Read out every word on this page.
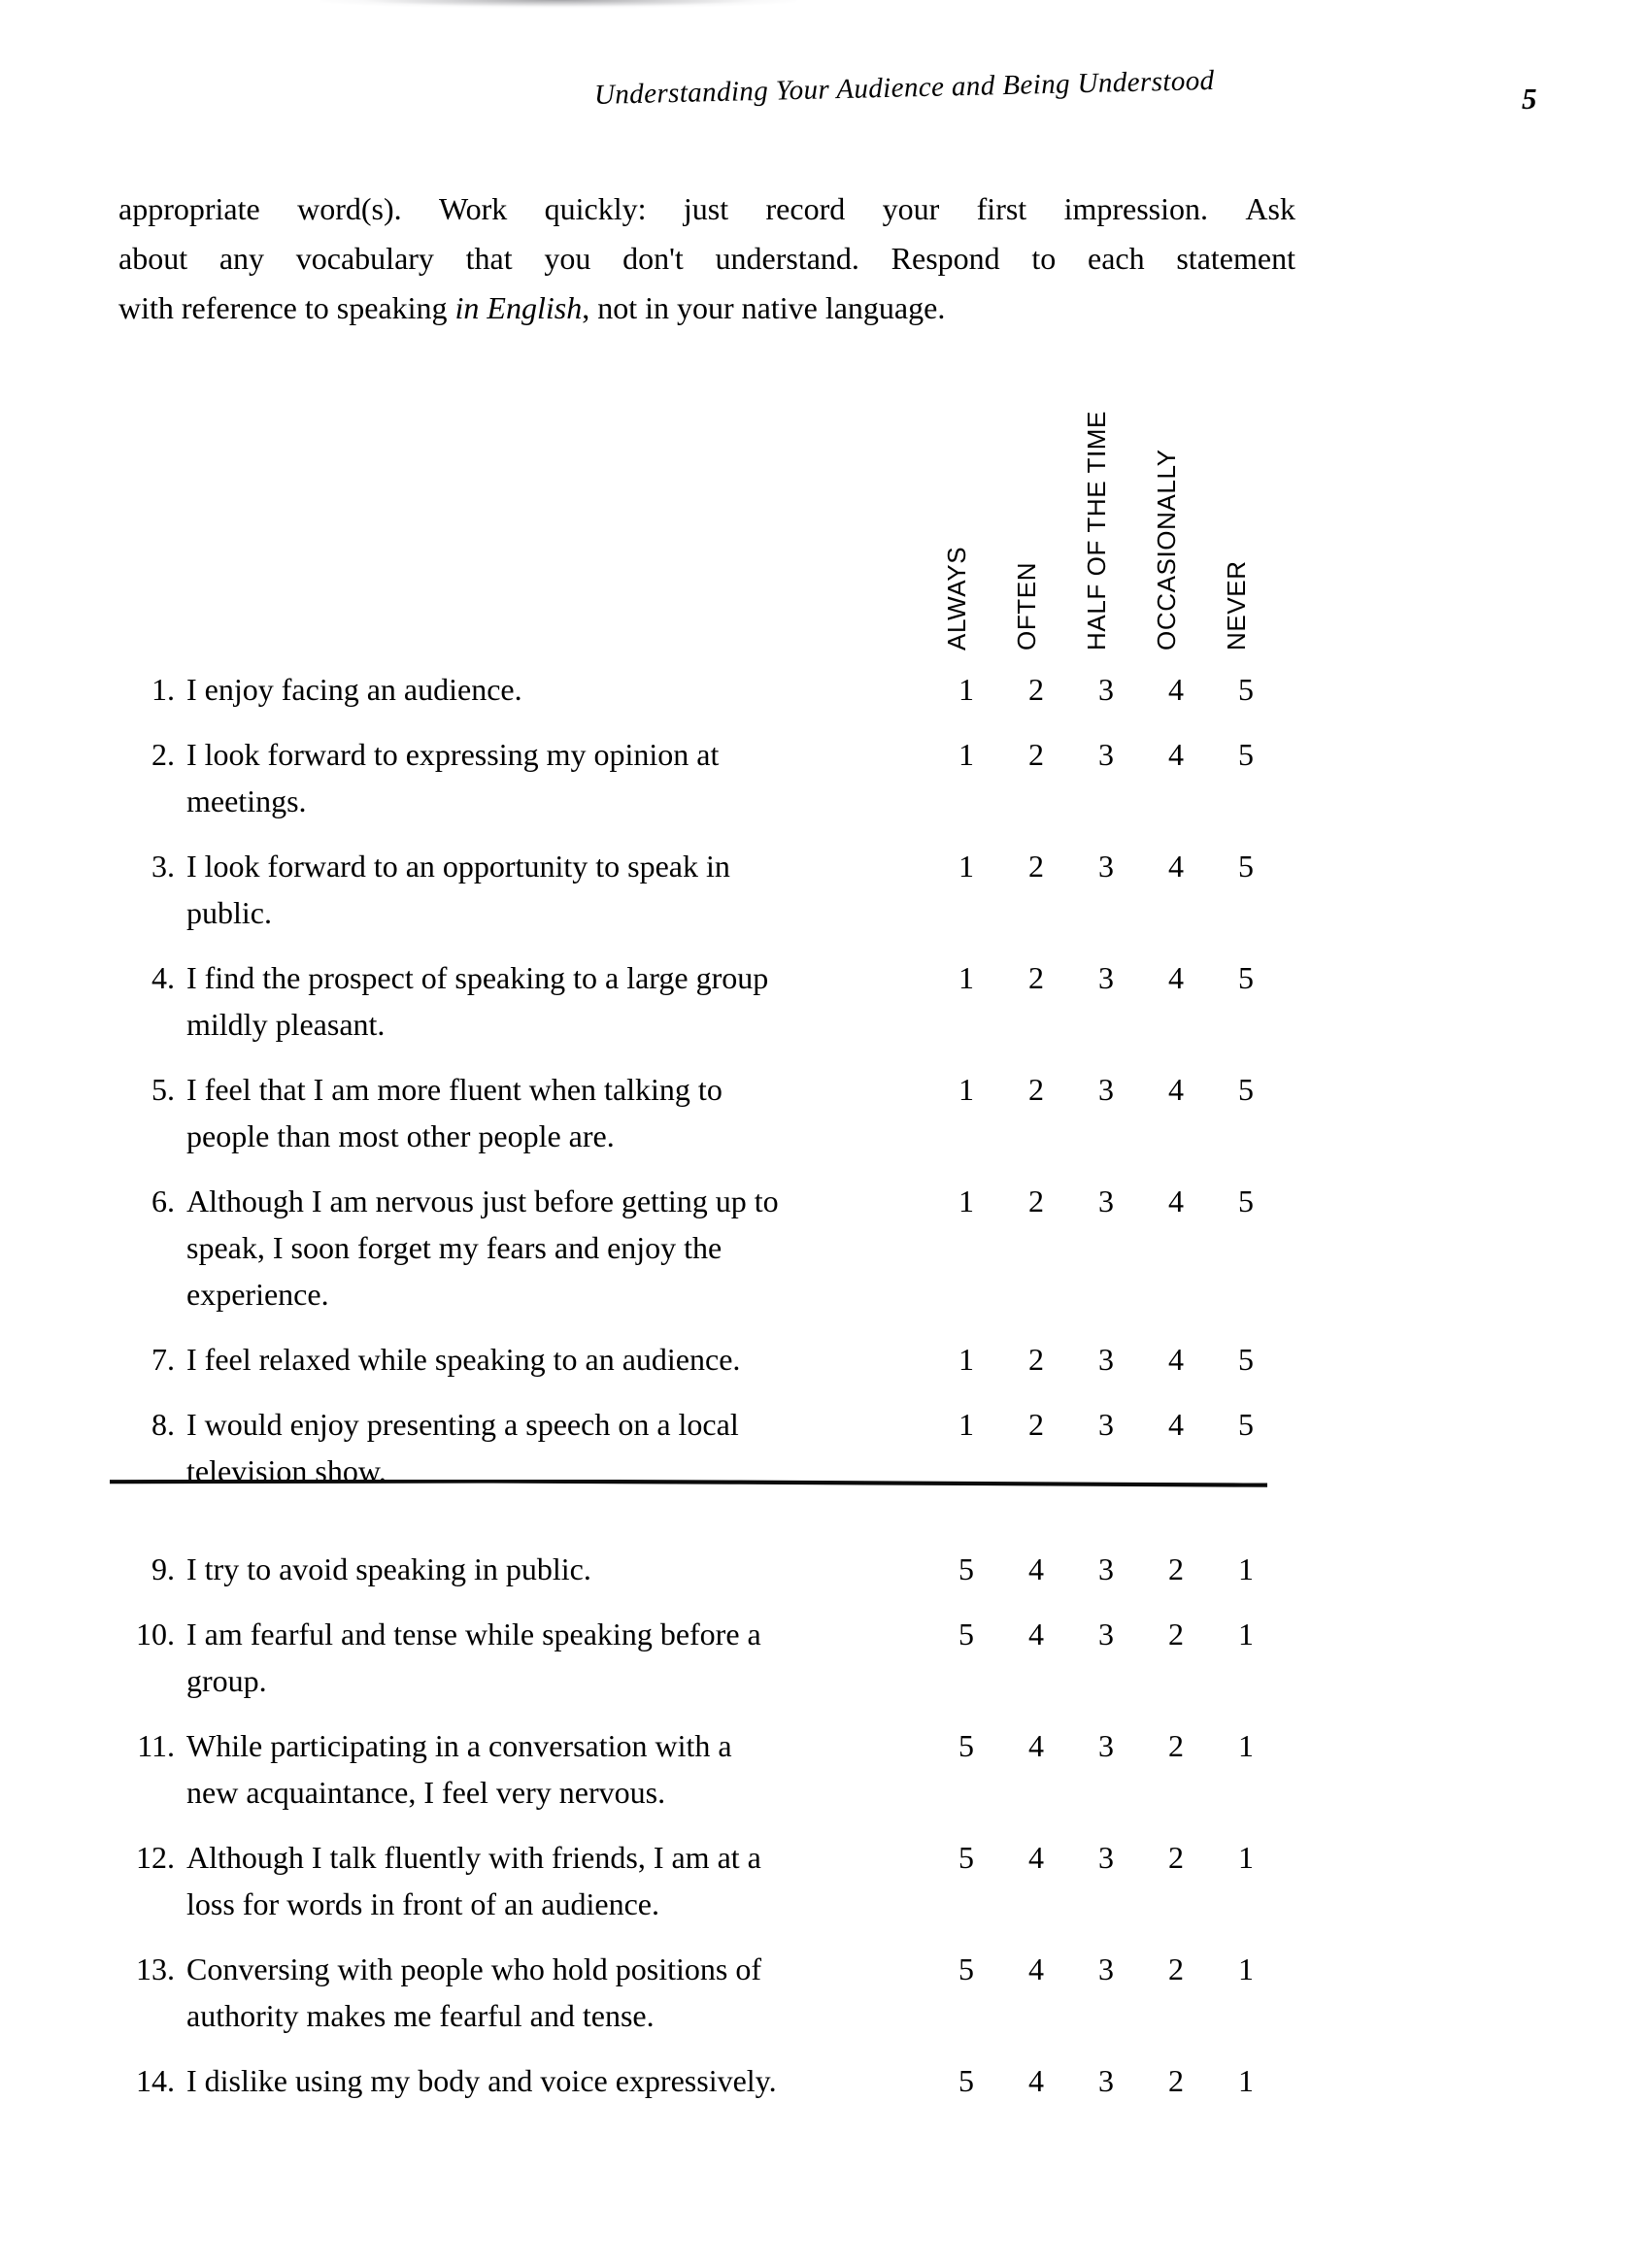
Understanding Your Audience and Being Understood	5
appropriate word(s). Work quickly: just record your first impression. Ask
about any vocabulary that you don't understand. Respond to each statement
with reference to speaking in English, not in your native language.
ALWAYS OFTEN HALF OF THE TIME OCCASIONALLY NEVER
1. I enjoy facing an audience.	1 2 3 4 5
2. I look forward to expressing my opinion at
meetings.
1 2 3 4 5
3. I look forward to an opportunity to speak in
public.
1 2 3 4 5
4. I find the prospect of speaking to a large group
mildly pleasant.
1 2 3 4 5
5. I feel that I am more fluent when talking to
people than most other people are.
1 2 3 4 5
6. Although I am nervous just before getting up to
speak, I soon forget my fears and enjoy the
experience.
1 2 3 4 5
7. I feel relaxed while speaking to an audience.	1 2 3 4 5
8. I would enjoy presenting a speech on a local
television show.
1 2 3 4 5
9. I try to avoid speaking in public.	5 4 3 2 1
10. I am fearful and tense while speaking before a
group.
5 4 3 2 1
11. While participating in a conversation with a
new acquaintance, I feel very nervous.
5 4 3 2 1
12. Although I talk fluently with friends, I am at a
loss for words in front of an audience.
5 4 3 2 1
13. Conversing with people who hold positions of
authority makes me fearful and tense.
5 4 3 2 1
14. I dislike using my body and voice expressively.	5 4 3 2 1
